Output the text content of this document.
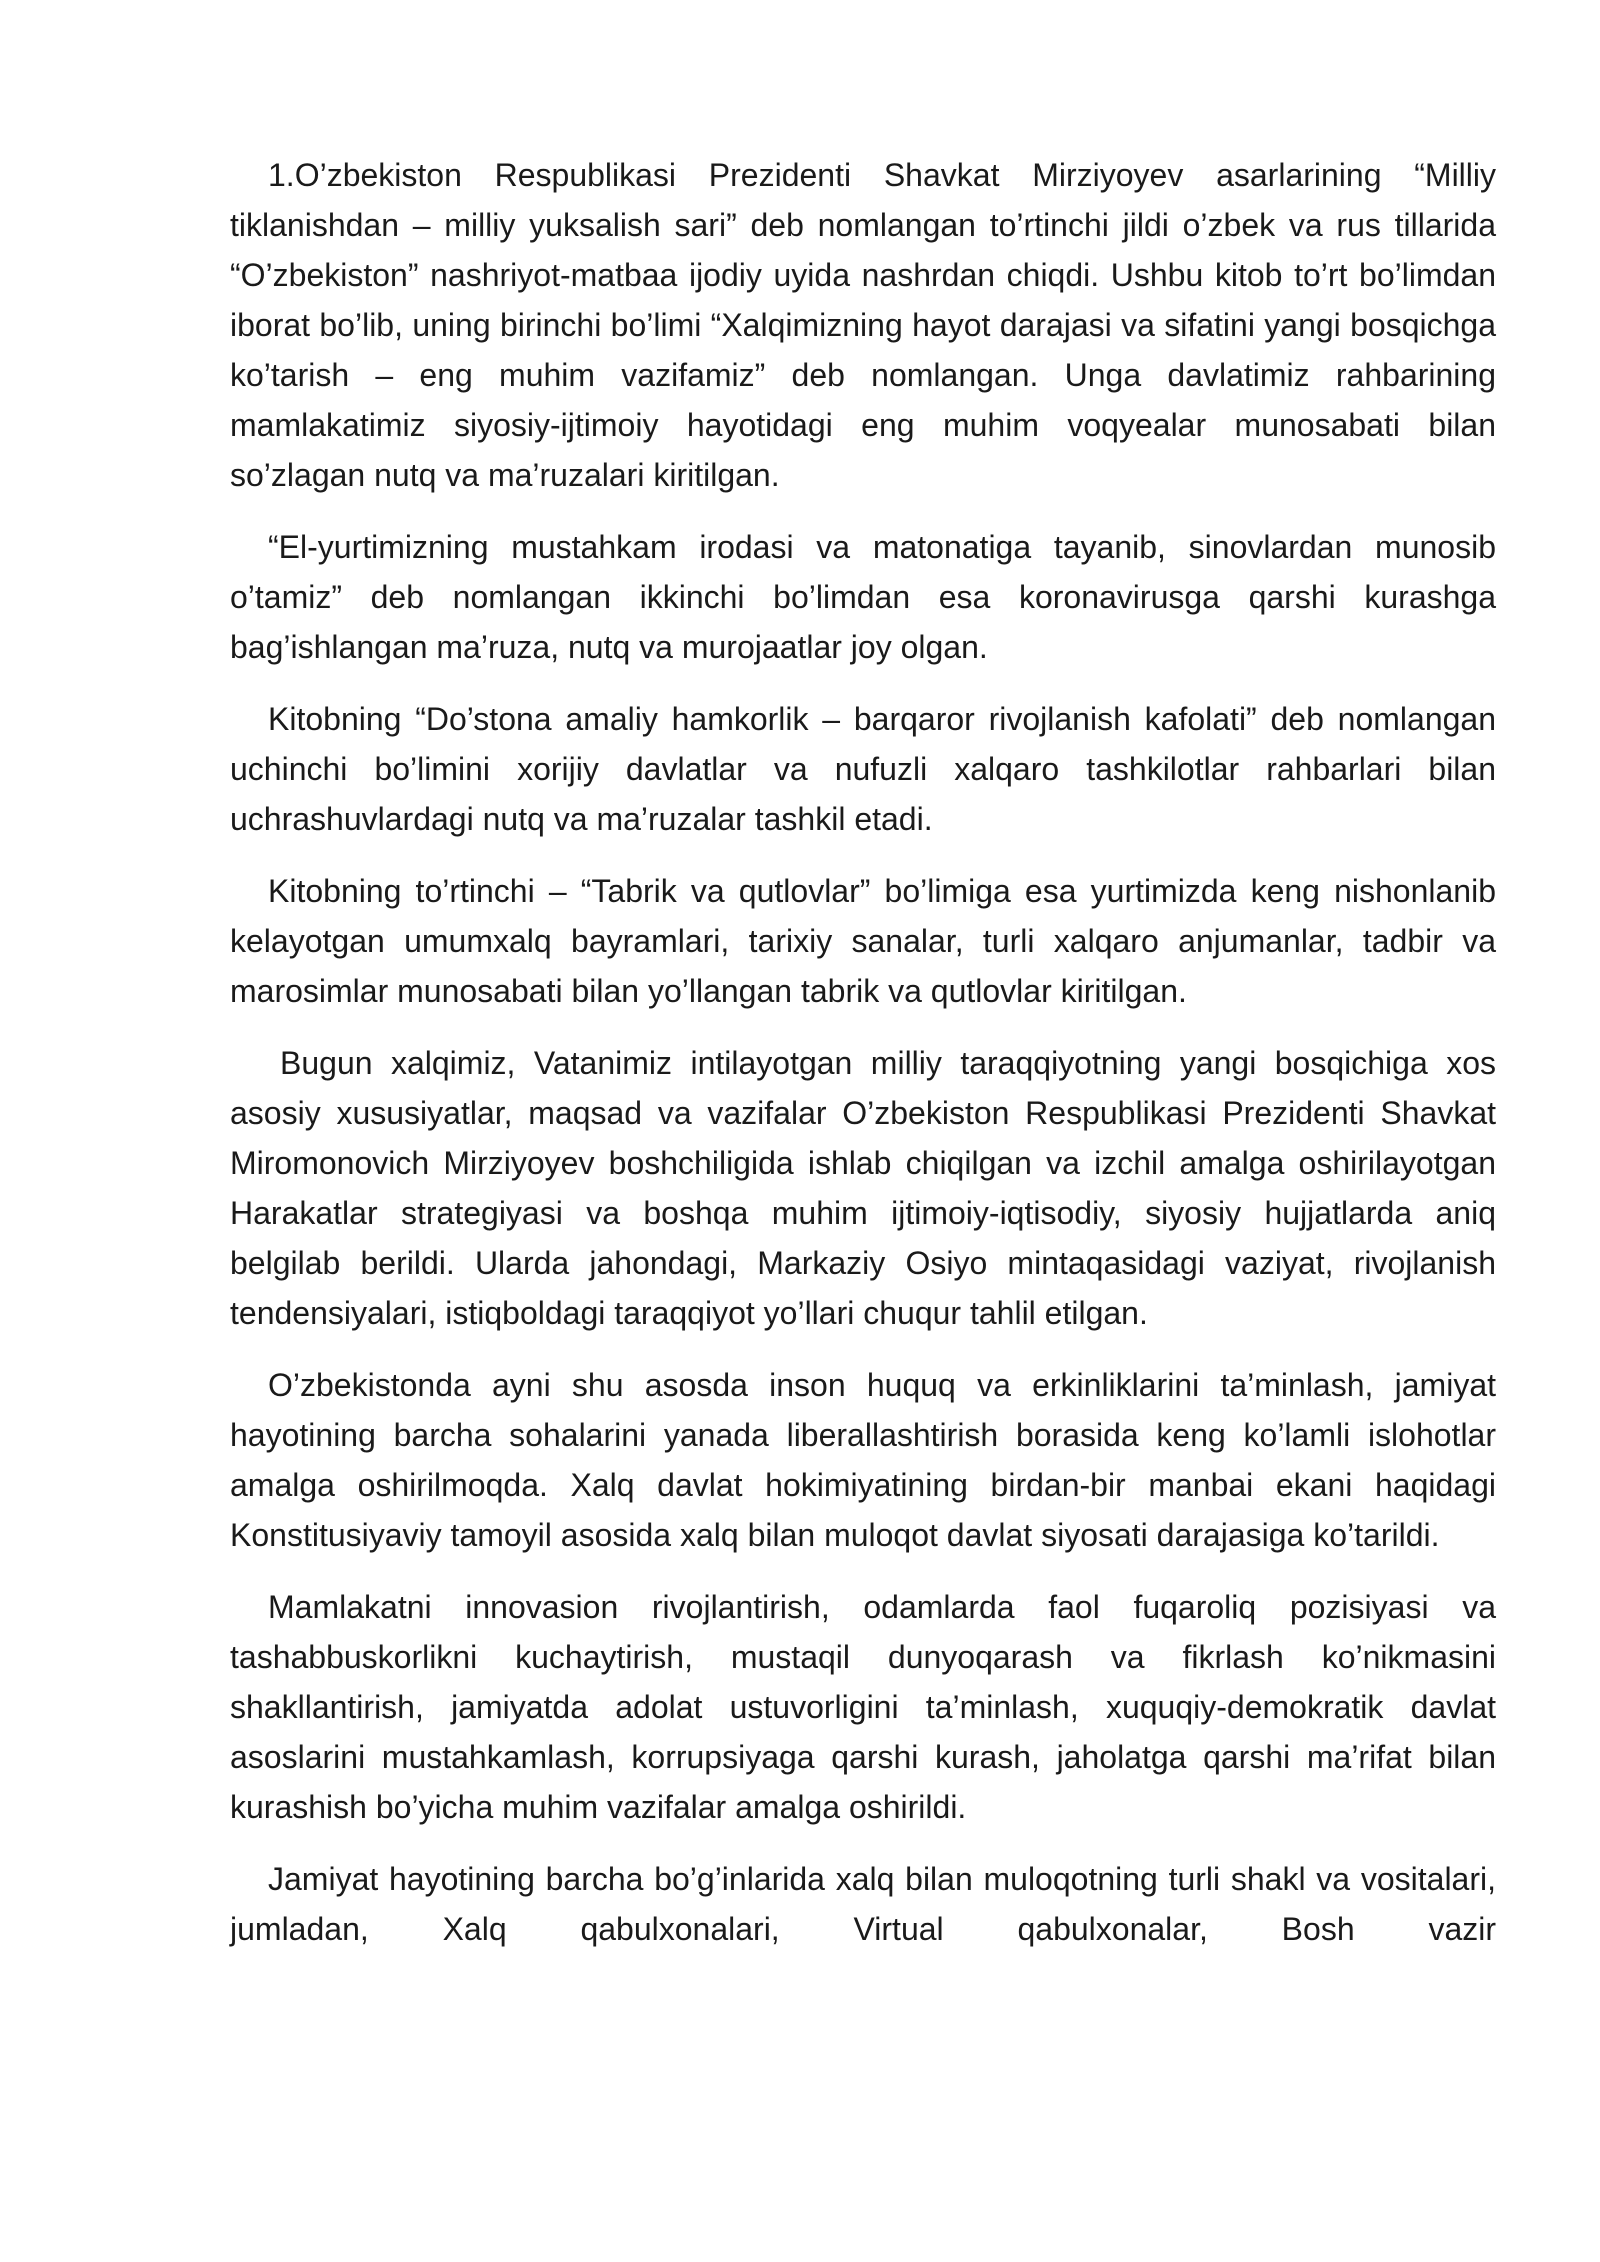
1.O’zbekiston Respublikasi Prezidenti Shavkat Mirziyoyev asarlarining “Milliy tiklanishdan – milliy yuksalish sari” deb nomlangan to’rtinchi jildi o’zbek va rus tillarida “O’zbekiston” nashriyot-matbaa ijodiy uyida nashrdan chiqdi. Ushbu kitob to’rt bo’limdan iborat bo’lib, uning birinchi bo’limi “Xalqimizning hayot darajasi va sifatini yangi bosqichga ko’tarish – eng muhim vazifamiz” deb nomlangan. Unga davlatimiz rahbarining mamlakatimiz siyosiy-ijtimoiy hayotidagi eng muhim voqyealar munosabati bilan so’zlagan nutq va ma’ruzalari kiritilgan.

“El-yurtimizning mustahkam irodasi va matonatiga tayanib, sinovlardan munosib o’tamiz” deb nomlangan ikkinchi bo’limdan esa koronavirusga qarshi kurashga bag’ishlangan ma’ruza, nutq va murojaatlar joy olgan.

Kitobning “Do’stona amaliy hamkorlik – barqaror rivojlanish kafolati” deb nomlangan uchinchi bo’limini xorijiy davlatlar va nufuzli xalqaro tashkilotlar rahbarlari bilan uchrashuvlardagi nutq va ma’ruzalar tashkil etadi.

Kitobning to’rtinchi – “Tabrik va qutlovlar” bo’limiga esa yurtimizda keng nishonlanib kelayotgan umumxalq bayramlari, tarixiy sanalar, turli xalqaro anjumanlar, tadbir va marosimlar munosabati bilan yo’llangan tabrik va qutlovlar kiritilgan.

Bugun xalqimiz, Vatanimiz intilayotgan milliy taraqqiyotning yangi bosqichiga xos asosiy xususiyatlar, maqsad va vazifalar O’zbekiston Respublikasi Prezidenti Shavkat Miromonovich Mirziyoyev boshchiligida ishlab chiqilgan va izchil amalga oshirilayotgan Harakatlar strategiyasi va boshqa muhim ijtimoiy-iqtisodiy, siyosiy hujjatlarda aniq belgilab berildi. Ularda jahondagi, Markaziy Osiyo mintaqasidagi vaziyat, rivojlanish tendensiyalari, istiqboldagi taraqqiyot yo’llari chuqur tahlil etilgan.

O’zbekistonda ayni shu asosda inson huquq va erkinliklarini ta’minlash, jamiyat hayotining barcha sohalarini yanada liberallashtirish borasida keng ko’lamli islohotlar amalga oshirilmoqda. Xalq davlat hokimiyatining birdan-bir manbai ekani haqidagi Konstitusiyaviy tamoyil asosida xalq bilan muloqot davlat siyosati darajasiga ko’tarildi.

Mamlakatni innovasion rivojlantirish, odamlarda faol fuqaroliq pozisiyasi va tashabbuskorlikni kuchaytirish, mustaqil dunyoqarash va fikrlash ko’nikmasini shakllantirish, jamiyatda adolat ustuvorligini ta’minlash, xuquqiy-demokratik davlat asoslarini mustahkamlash, korrupsiyaga qarshi kurash, jaholatga qarshi ma’rifat bilan kurashish bo’yicha muhim vazifalar amalga oshirildi.

Jamiyat hayotining barcha bo’g’inlarida xalq bilan muloqotning turli shakl va vositalari, jumladan, Xalq qabulxonalari, Virtual qabulxonalar, Bosh vazir
